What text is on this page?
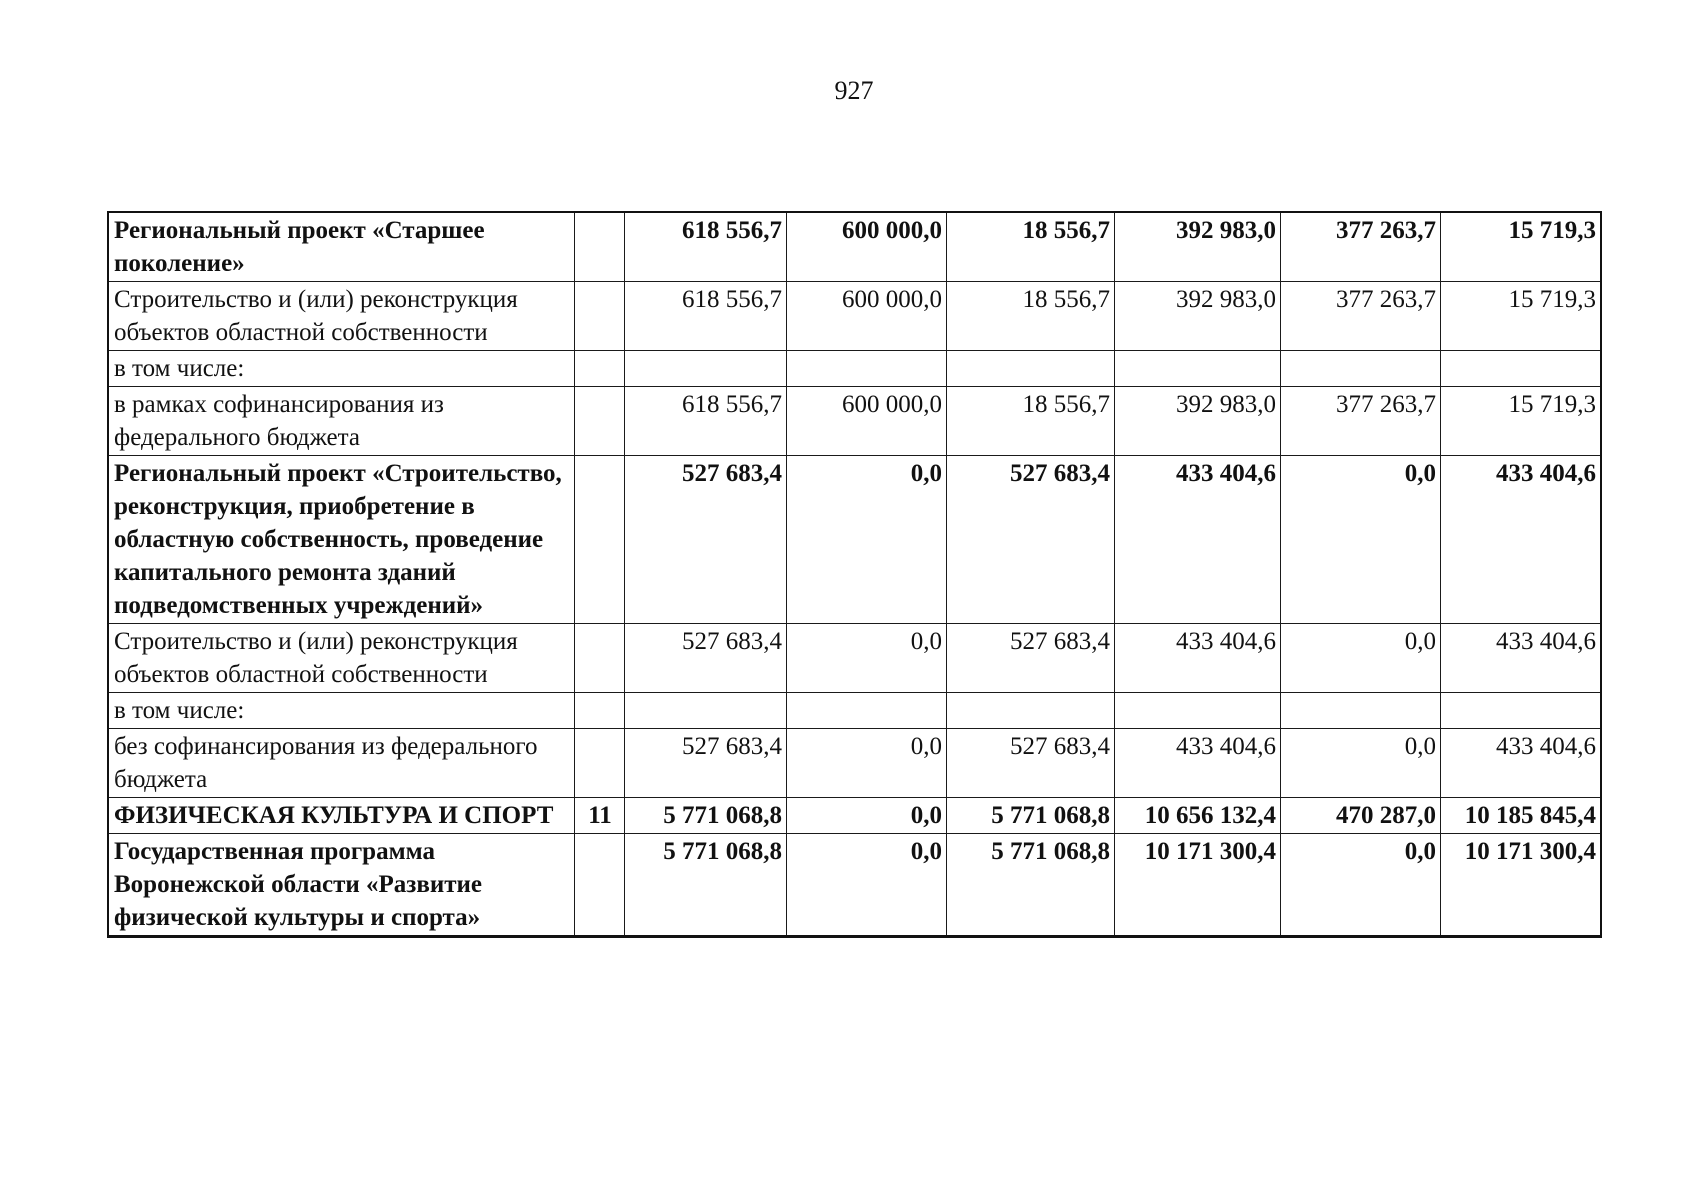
927
Региональный проект «Старшее поколение»		618 556,7	600 000,0	18 556,7	392 983,0	377 263,7	15 719,3
Строительство и (или) реконструкция объектов областной собственности		618 556,7	600 000,0	18 556,7	392 983,0	377 263,7	15 719,3
в том числе:							
в рамках софинансирования из федерального бюджета		618 556,7	600 000,0	18 556,7	392 983,0	377 263,7	15 719,3
Региональный проект «Строительство, реконструкция, приобретение в областную собственность, проведение капитального ремонта зданий подведомственных учреждений»		527 683,4	0,0	527 683,4	433 404,6	0,0	433 404,6
Строительство и (или) реконструкция объектов областной собственности		527 683,4	0,0	527 683,4	433 404,6	0,0	433 404,6
в том числе:							
без софинансирования из федерального бюджета		527 683,4	0,0	527 683,4	433 404,6	0,0	433 404,6
ФИЗИЧЕСКАЯ КУЛЬТУРА И СПОРТ	11	5 771 068,8	0,0	5 771 068,8	10 656 132,4	470 287,0	10 185 845,4
Государственная программа Воронежской области «Развитие физической культуры и спорта»		5 771 068,8	0,0	5 771 068,8	10 171 300,4	0,0	10 171 300,4
